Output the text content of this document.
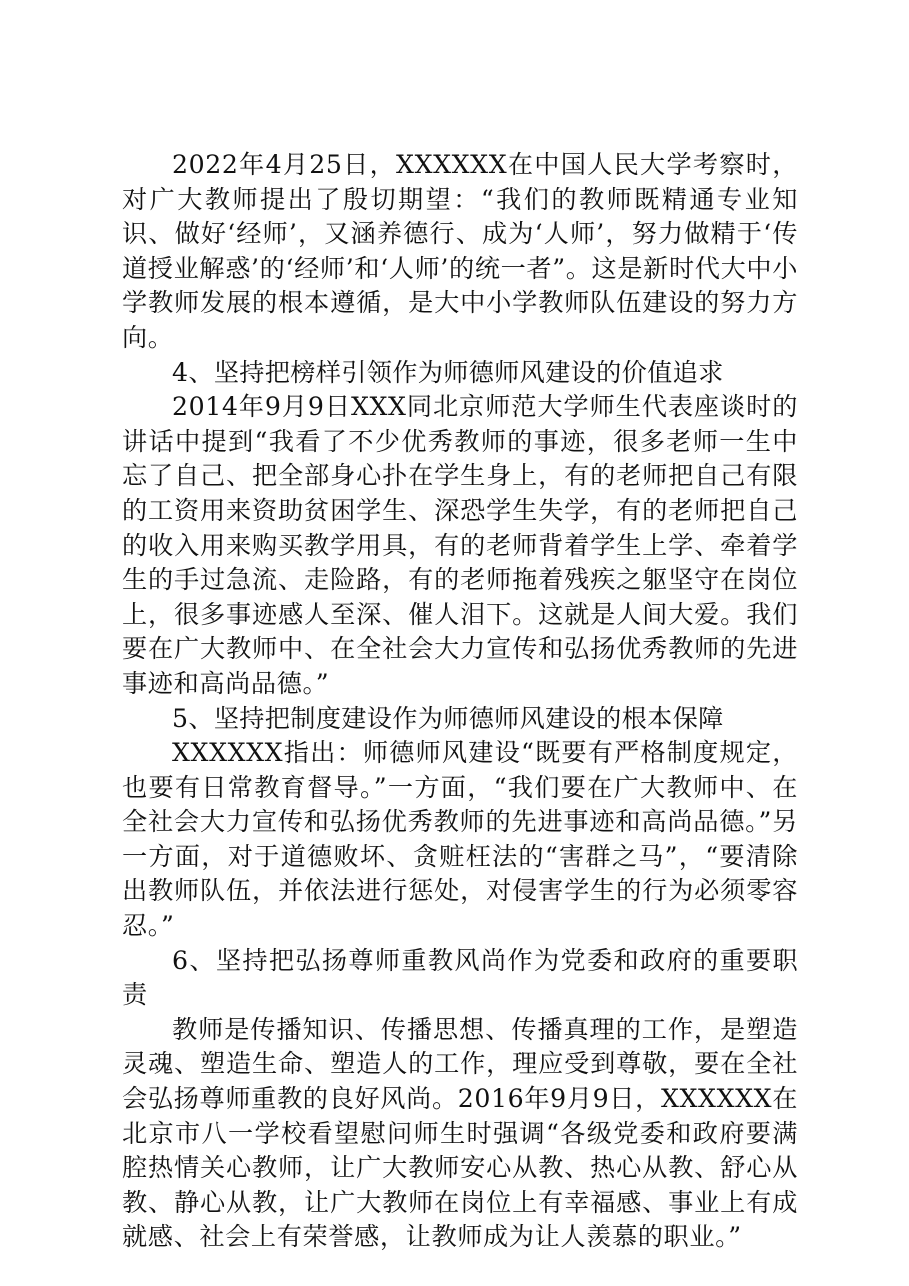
2022年4月25日，XXXXXX在中国人民大学考察时，对广大教师提出了殷切期望：“我们的教师既精通专业知识、做好‘经师’，又涵养德行、成为‘人师’，努力做精于‘传道授业解惑’的‘经师’和‘人师’的统一者”。这是新时代大中小学教师发展的根本遵循，是大中小学教师队伍建设的努力方向。

4、坚持把榜样引领作为师德师风建设的价值追求

2014年9月9日XXX同北京师范大学师生代表座谈时的讲话中提到“我看了不少优秀教师的事迹，很多老师一生中忘了自己、把全部身心扑在学生身上，有的老师把自己有限的工资用来资助贫困学生、深恐学生失学，有的老师把自己的收入用来购买教学用具，有的老师背着学生上学、牵着学生的手过急流、走险路，有的老师拖着残疾之躯坚守在岗位上，很多事迹感人至深、催人泪下。这就是人间大爱。我们要在广大教师中、在全社会大力宣传和弘扬优秀教师的先进事迹和高尚品德。”

5、坚持把制度建设作为师德师风建设的根本保障

XXXXXX指出：师德师风建设“既要有严格制度规定，也要有日常教育督导。”一方面，“我们要在广大教师中、在全社会大力宣传和弘扬优秀教师的先进事迹和高尚品德。”另一方面，对于道德败坏、贪赃枉法的“害群之马”，“要清除出教师队伍，并依法进行惩处，对侵害学生的行为必须零容忍。”

6、坚持把弘扬尊师重教风尚作为党委和政府的重要职责

教师是传播知识、传播思想、传播真理的工作，是塑造灵魂、塑造生命、塑造人的工作，理应受到尊敬，要在全社会弘扬尊师重教的良好风尚。2016年9月9日，XXXXXX在北京市八一学校看望慰问师生时强调“各级党委和政府要满腔热情关心教师，让广大教师安心从教、热心从教、舒心从教、静心从教，让广大教师在岗位上有幸福感、事业上有成就感、社会上有荣誉感，让教师成为让人羡慕的职业。”
